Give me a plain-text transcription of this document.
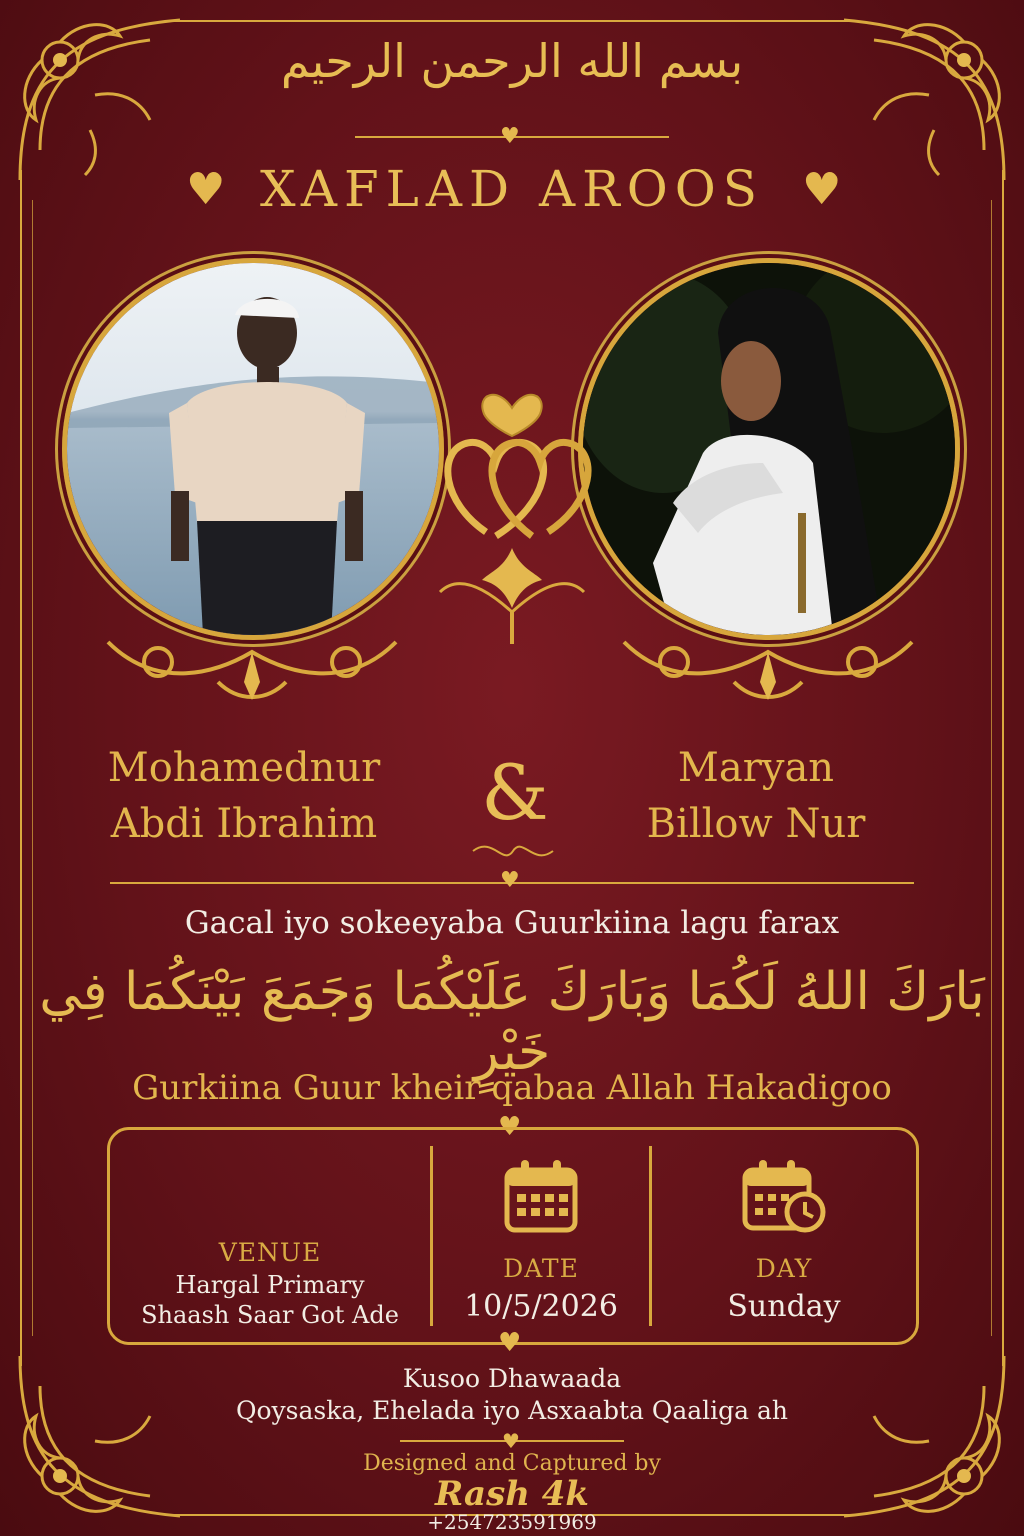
بسم الله الرحمن الرحيم
♥
♥ XAFLAD AROOS ♥
Mohamednur
Abdi Ibrahim	&	Maryan
Billow Nur
♥
Gacal iyo sokeeyaba Guurkiina lagu farax
بَارَكَ اللهُ لَكُمَا وَبَارَكَ عَلَيْكُمَا وَجَمَعَ بَيْنَكُمَا فِي خَيْرٍ
Gurkiina Guur kheir qabaa Allah Hakadigoo
♥
VENUE
Hargal Primary
Shaash Saar Got Ade
DATE
10/5/2026
DAY
Sunday
♥
Kusoo Dhawaada
Qoysaska, Ehelada iyo Asxaabta Qaaliga ah
♥
Designed and Captured by
Rash 4k
+254723591969
